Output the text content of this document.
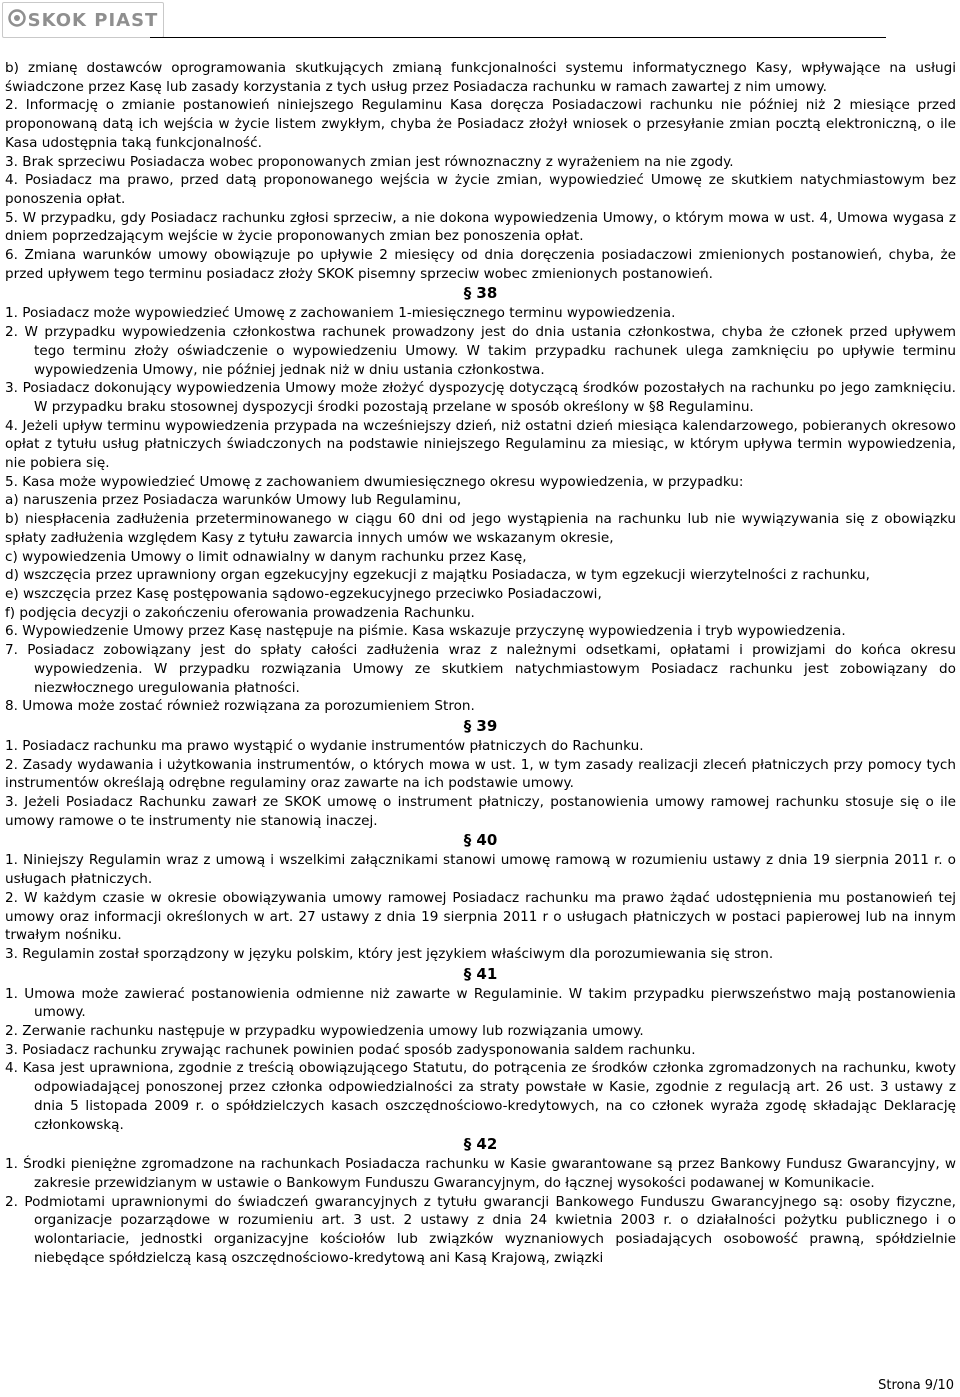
SKOK PIAST

b) zmianę dostawców oprogramowania skutkujących zmianą funkcjonalności systemu informatycznego Kasy, wpływające na usługi świadczone przez Kasę lub zasady korzystania z tych usług przez Posiadacza rachunku w ramach zawartej z nim umowy.

2. Informację o zmianie postanowień niniejszego Regulaminu Kasa doręcza Posiadaczowi rachunku nie później niż 2 miesiące przed proponowaną datą ich wejścia w życie listem zwykłym, chyba że Posiadacz złożył wniosek o przesyłanie zmian pocztą elektroniczną, o ile Kasa udostępnia taką funkcjonalność.

3. Brak sprzeciwu Posiadacza wobec proponowanych zmian jest równoznaczny z wyrażeniem na nie zgody.

4. Posiadacz ma prawo, przed datą proponowanego wejścia w życie zmian, wypowiedzieć Umowę ze skutkiem natychmiastowym bez ponoszenia opłat.

5. W przypadku, gdy Posiadacz rachunku zgłosi sprzeciw, a nie dokona wypowiedzenia Umowy, o którym mowa w ust. 4, Umowa wygasa z dniem poprzedzającym wejście w życie proponowanych zmian bez ponoszenia opłat.

6. Zmiana warunków umowy obowiązuje po upływie 2 miesięcy od dnia doręczenia posiadaczowi zmienionych postanowień, chyba, że przed upływem tego terminu posiadacz złoży SKOK pisemny sprzeciw wobec zmienionych postanowień.

§ 38

1. Posiadacz może wypowiedzieć Umowę z zachowaniem 1-miesięcznego terminu wypowiedzenia.

2. W przypadku wypowiedzenia członkostwa rachunek prowadzony jest do dnia ustania członkostwa, chyba że członek przed upływem tego terminu złoży oświadczenie o wypowiedzeniu Umowy. W takim przypadku rachunek ulega zamknięciu po upływie terminu wypowiedzenia Umowy, nie później jednak niż w dniu ustania członkostwa.

3. Posiadacz dokonujący wypowiedzenia Umowy może złożyć dyspozycję dotyczącą środków pozostałych na rachunku po jego zamknięciu. W przypadku braku stosownej dyspozycji środki pozostają przelane w sposób określony w §8 Regulaminu.

4. Jeżeli upływ terminu wypowiedzenia przypada na wcześniejszy dzień, niż ostatni dzień miesiąca kalendarzowego, pobieranych okresowo opłat z tytułu usług płatniczych świadczonych na podstawie niniejszego Regulaminu za miesiąc, w którym upływa termin wypowiedzenia, nie pobiera się.

5. Kasa może wypowiedzieć Umowę z zachowaniem dwumiesięcznego okresu wypowiedzenia, w przypadku:

a) naruszenia przez Posiadacza warunków Umowy lub Regulaminu,

b) niespłacenia zadłużenia przeterminowanego w ciągu 60 dni od jego wystąpienia na rachunku lub nie wywiązywania się z obowiązku spłaty zadłużenia względem Kasy z tytułu zawarcia innych umów we wskazanym okresie,

c) wypowiedzenia Umowy o limit odnawialny w danym rachunku przez Kasę,

d) wszczęcia przez uprawniony organ egzekucyjny egzekucji z majątku Posiadacza, w tym egzekucji wierzytelności z rachunku,

e) wszczęcia przez Kasę postępowania sądowo-egzekucyjnego przeciwko Posiadaczowi,

f) podjęcia decyzji o zakończeniu oferowania prowadzenia Rachunku.

6. Wypowiedzenie Umowy przez Kasę następuje na piśmie. Kasa wskazuje przyczynę wypowiedzenia i tryb wypowiedzenia.

7. Posiadacz zobowiązany jest do spłaty całości zadłużenia wraz z należnymi odsetkami, opłatami i prowizjami do końca okresu wypowiedzenia. W przypadku rozwiązania Umowy ze skutkiem natychmiastowym Posiadacz rachunku jest zobowiązany do niezwłocznego uregulowania płatności.

8. Umowa może zostać również rozwiązana za porozumieniem Stron.

§ 39

1. Posiadacz rachunku ma prawo wystąpić o wydanie instrumentów płatniczych do Rachunku.

2. Zasady wydawania i użytkowania instrumentów, o których mowa w ust. 1, w tym zasady realizacji zleceń płatniczych przy pomocy tych instrumentów określają odrębne regulaminy oraz zawarte na ich podstawie umowy.

3. Jeżeli Posiadacz Rachunku zawarł ze SKOK umowę o instrument płatniczy, postanowienia umowy ramowej rachunku stosuje się o ile umowy ramowe o te instrumenty nie stanowią inaczej.

§ 40

1. Niniejszy Regulamin wraz z umową i wszelkimi załącznikami stanowi umowę ramową w rozumieniu ustawy z dnia 19 sierpnia 2011 r. o usługach płatniczych.

2. W każdym czasie w okresie obowiązywania umowy ramowej Posiadacz rachunku ma prawo żądać udostępnienia mu postanowień tej umowy oraz informacji określonych w art. 27 ustawy z dnia 19 sierpnia 2011 r o usługach płatniczych w postaci papierowej lub na innym trwałym nośniku.

3. Regulamin został sporządzony w języku polskim, który jest językiem właściwym dla porozumiewania się stron.

§ 41

1. Umowa może zawierać postanowienia odmienne niż zawarte w Regulaminie. W takim przypadku pierwszeństwo mają postanowienia umowy.

2. Zerwanie rachunku następuje w przypadku wypowiedzenia umowy lub rozwiązania umowy.

3. Posiadacz rachunku zrywając rachunek powinien podać sposób zadysponowania saldem rachunku.

4. Kasa jest uprawniona, zgodnie z treścią obowiązującego Statutu, do potrącenia ze środków członka zgromadzonych na rachunku, kwoty odpowiadającej ponoszonej przez członka odpowiedzialności za straty powstałe w Kasie, zgodnie z regulacją art. 26 ust. 3 ustawy z dnia 5 listopada 2009 r. o spółdzielczych kasach oszczędnościowo-kredytowych, na co członek wyraża zgodę składając Deklarację członkowską.

§ 42

1. Środki pieniężne zgromadzone na rachunkach Posiadacza rachunku w Kasie gwarantowane są przez Bankowy Fundusz Gwarancyjny, w zakresie przewidzianym w ustawie o Bankowym Funduszu Gwarancyjnym, do łącznej wysokości podawanej w Komunikacie.

2. Podmiotami uprawnionymi do świadczeń gwarancyjnych z tytułu gwarancji Bankowego Funduszu Gwarancyjnego są: osoby fizyczne, organizacje pozarządowe w rozumieniu art. 3 ust. 2 ustawy z dnia 24 kwietnia 2003 r. o działalności pożytku publicznego i o wolontariacie, jednostki organizacyjne kościołów lub związków wyznaniowych posiadających osobowość prawną, spółdzielnie niebędące spółdzielczą kasą oszczędnościowo-kredytową ani Kasą Krajową, związki

Strona 9/10
